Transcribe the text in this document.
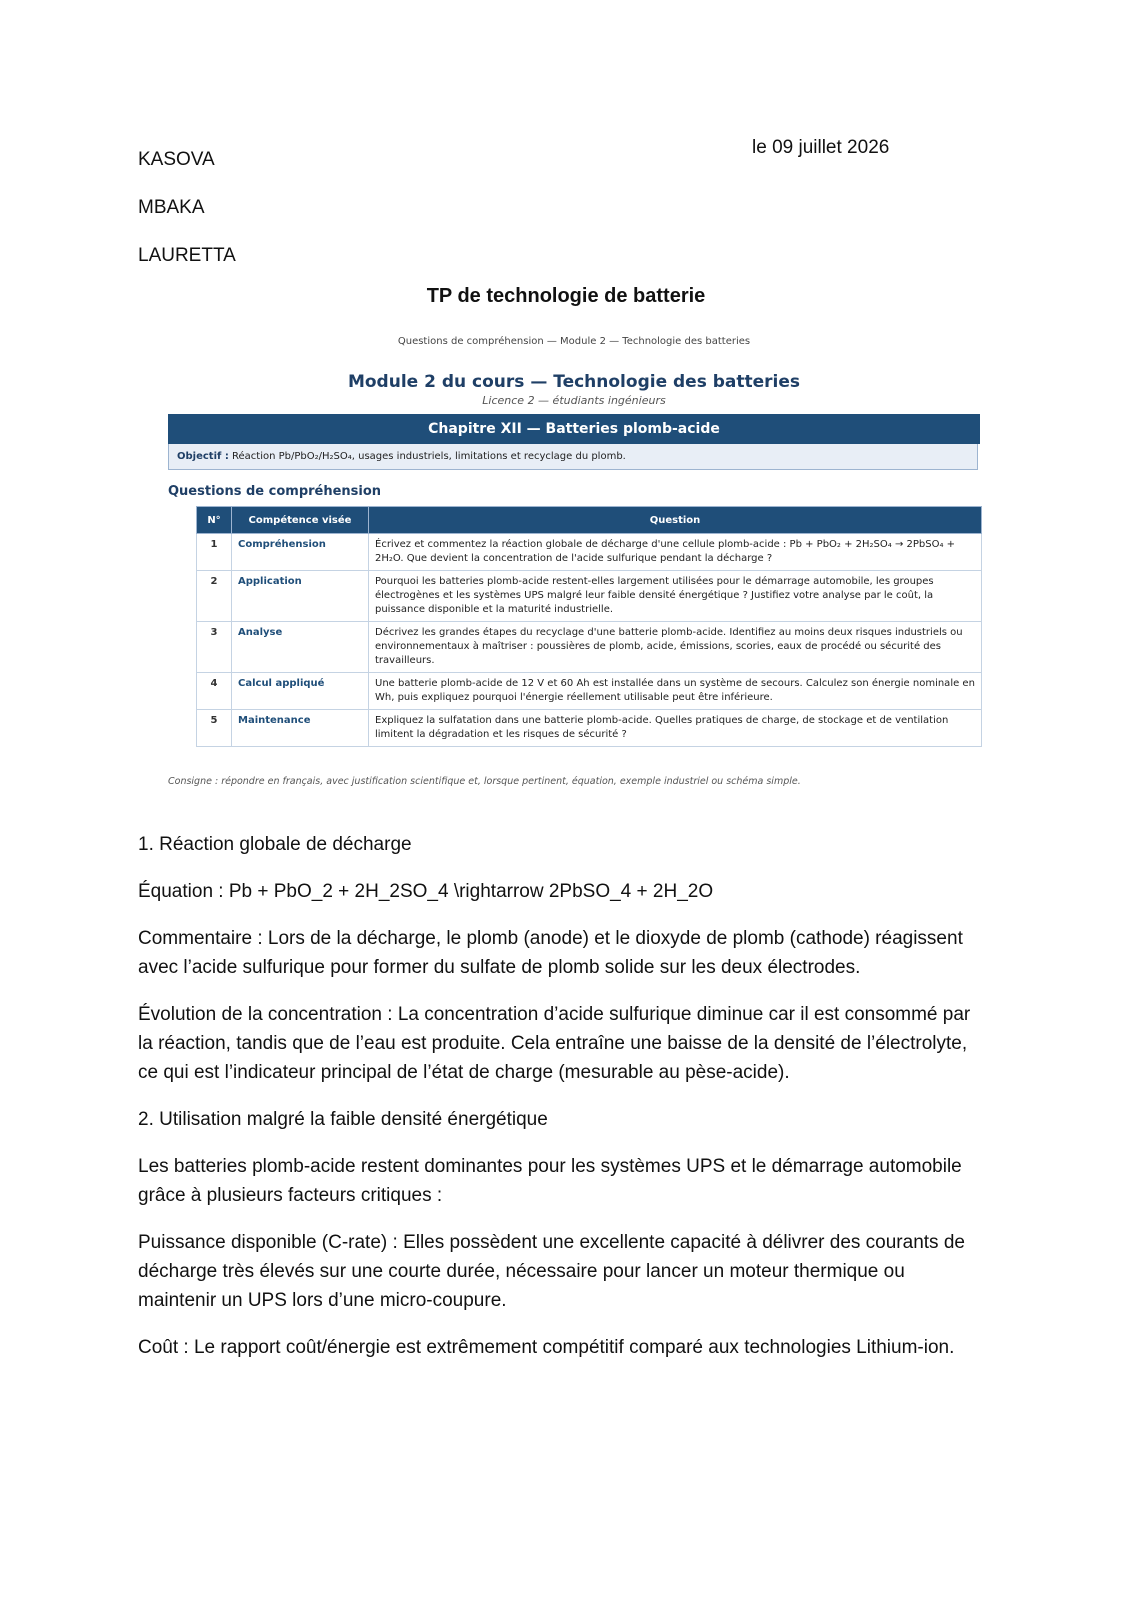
KASOVA
MBAKA
LAURETTA
le 09 juillet 2026
TP de technologie de batterie
Questions de compréhension — Module 2 — Technologie des batteries
Module 2 du cours — Technologie des batteries
Licence 2 — étudiants ingénieurs
Chapitre XII — Batteries plomb-acide
Objectif : Réaction Pb/PbO₂/H₂SO₄, usages industriels, limitations et recyclage du plomb.
Questions de compréhension
N°	Compétence visée	Question
1	Compréhension	Écrivez et commentez la réaction globale de décharge d'une cellule plomb-acide : Pb + PbO₂ + 2H₂SO₄ → 2PbSO₄ + 2H₂O. Que devient la concentration de l'acide sulfurique pendant la décharge ?
2	Application	Pourquoi les batteries plomb-acide restent-elles largement utilisées pour le démarrage automobile, les groupes électrogènes et les systèmes UPS malgré leur faible densité énergétique ? Justifiez votre analyse par le coût, la puissance disponible et la maturité industrielle.
3	Analyse	Décrivez les grandes étapes du recyclage d'une batterie plomb-acide. Identifiez au moins deux risques industriels ou environnementaux à maîtriser : poussières de plomb, acide, émissions, scories, eaux de procédé ou sécurité des travailleurs.
4	Calcul appliqué	Une batterie plomb-acide de 12 V et 60 Ah est installée dans un système de secours. Calculez son énergie nominale en Wh, puis expliquez pourquoi l'énergie réellement utilisable peut être inférieure.
5	Maintenance	Expliquez la sulfatation dans une batterie plomb-acide. Quelles pratiques de charge, de stockage et de ventilation limitent la dégradation et les risques de sécurité ?
Consigne : répondre en français, avec justification scientifique et, lorsque pertinent, équation, exemple industriel ou schéma simple.

1. Réaction globale de décharge

Équation : Pb + PbO_2 + 2H_2SO_4 \rightarrow 2PbSO_4 + 2H_2O

Commentaire : Lors de la décharge, le plomb (anode) et le dioxyde de plomb (cathode) réagissent avec l’acide sulfurique pour former du sulfate de plomb solide sur les deux électrodes.

Évolution de la concentration : La concentration d’acide sulfurique diminue car il est consommé par la réaction, tandis que de l’eau est produite. Cela entraîne une baisse de la densité de l’électrolyte, ce qui est l’indicateur principal de l’état de charge (mesurable au pèse-acide).

2. Utilisation malgré la faible densité énergétique

Les batteries plomb-acide restent dominantes pour les systèmes UPS et le démarrage automobile grâce à plusieurs facteurs critiques :

Puissance disponible (C-rate) : Elles possèdent une excellente capacité à délivrer des courants de décharge très élevés sur une courte durée, nécessaire pour lancer un moteur thermique ou maintenir un UPS lors d’une micro-coupure.

Coût : Le rapport coût/énergie est extrêmement compétitif comparé aux technologies Lithium-ion.
